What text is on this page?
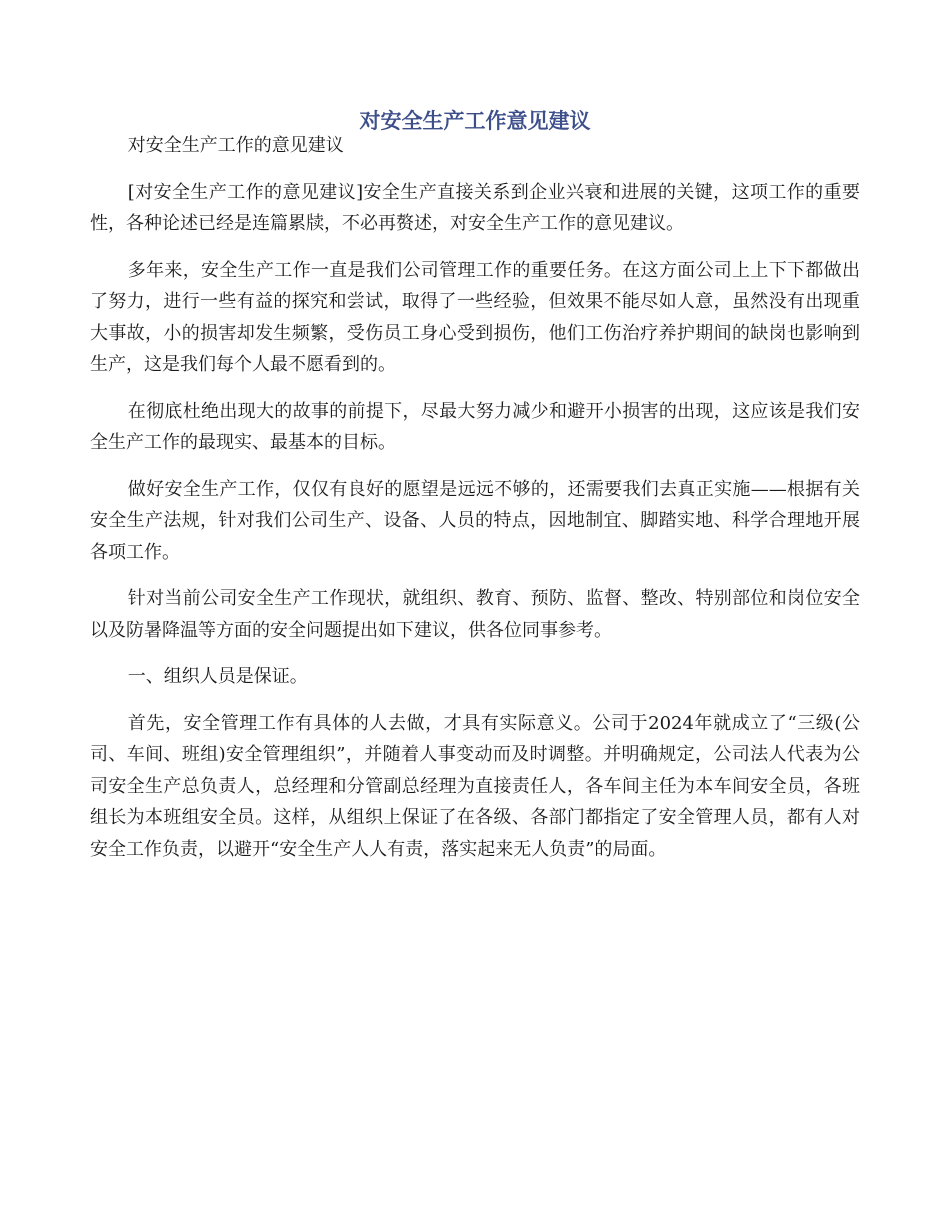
对安全生产工作意见建议

对安全生产工作的意见建议

[对安全生产工作的意见建议]安全生产直接关系到企业兴衰和进展的关键，这项工作的重要性，各种论述已经是连篇累牍，不必再赘述，对安全生产工作的意见建议。

多年来，安全生产工作一直是我们公司管理工作的重要任务。在这方面公司上上下下都做出了努力，进行一些有益的探究和尝试，取得了一些经验，但效果不能尽如人意，虽然没有出现重大事故，小的损害却发生频繁，受伤员工身心受到损伤，他们工伤治疗养护期间的缺岗也影响到生产，这是我们每个人最不愿看到的。

在彻底杜绝出现大的故事的前提下，尽最大努力减少和避开小损害的出现，这应该是我们安全生产工作的最现实、最基本的目标。

做好安全生产工作，仅仅有良好的愿望是远远不够的，还需要我们去真正实施——根据有关安全生产法规，针对我们公司生产、设备、人员的特点，因地制宜、脚踏实地、科学合理地开展各项工作。

针对当前公司安全生产工作现状，就组织、教育、预防、监督、整改、特别部位和岗位安全以及防暑降温等方面的安全问题提出如下建议，供各位同事参考。

一、组织人员是保证。

首先，安全管理工作有具体的人去做，才具有实际意义。公司于2024年就成立了“三级(公司、车间、班组)安全管理组织”，并随着人事变动而及时调整。并明确规定，公司法人代表为公司安全生产总负责人，总经理和分管副总经理为直接责任人，各车间主任为本车间安全员，各班组长为本班组安全员。这样，从组织上保证了在各级、各部门都指定了安全管理人员，都有人对安全工作负责，以避开“安全生产人人有责，落实起来无人负责”的局面。
